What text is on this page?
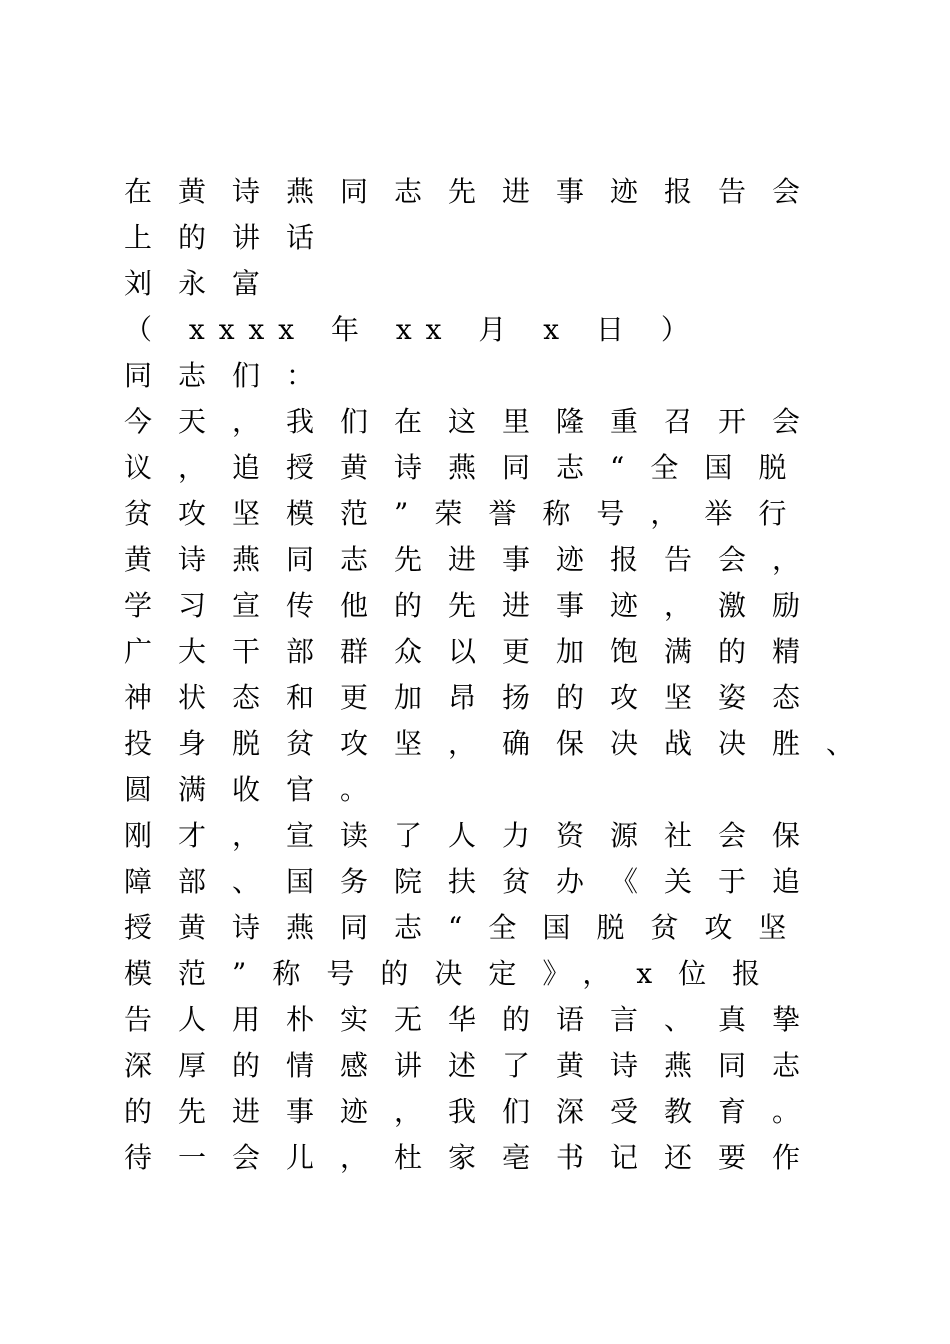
在黄诗燕同志先进事迹报告会
上的讲话
刘永富
（ xxxx 年 xx 月 x 日 ）
同志们：
今天，我们在这里隆重召开会
议，追授黄诗燕同志“全国脱
贫攻坚模范”荣誉称号，举行
黄诗燕同志先进事迹报告会，
学习宣传他的先进事迹，激励
广大干部群众以更加饱满的精
神状态和更加昂扬的攻坚姿态
投身脱贫攻坚，确保决战决胜、
圆满收官。
刚才，宣读了人力资源社会保
障部、国务院扶贫办《关于追
授黄诗燕同志“全国脱贫攻坚
模范”称号的决定》，x位报
告人用朴实无华的语言、真挚
深厚的情感讲述了黄诗燕同志
的先进事迹，我们深受教育。
待一会儿，杜家亳书记还要作
